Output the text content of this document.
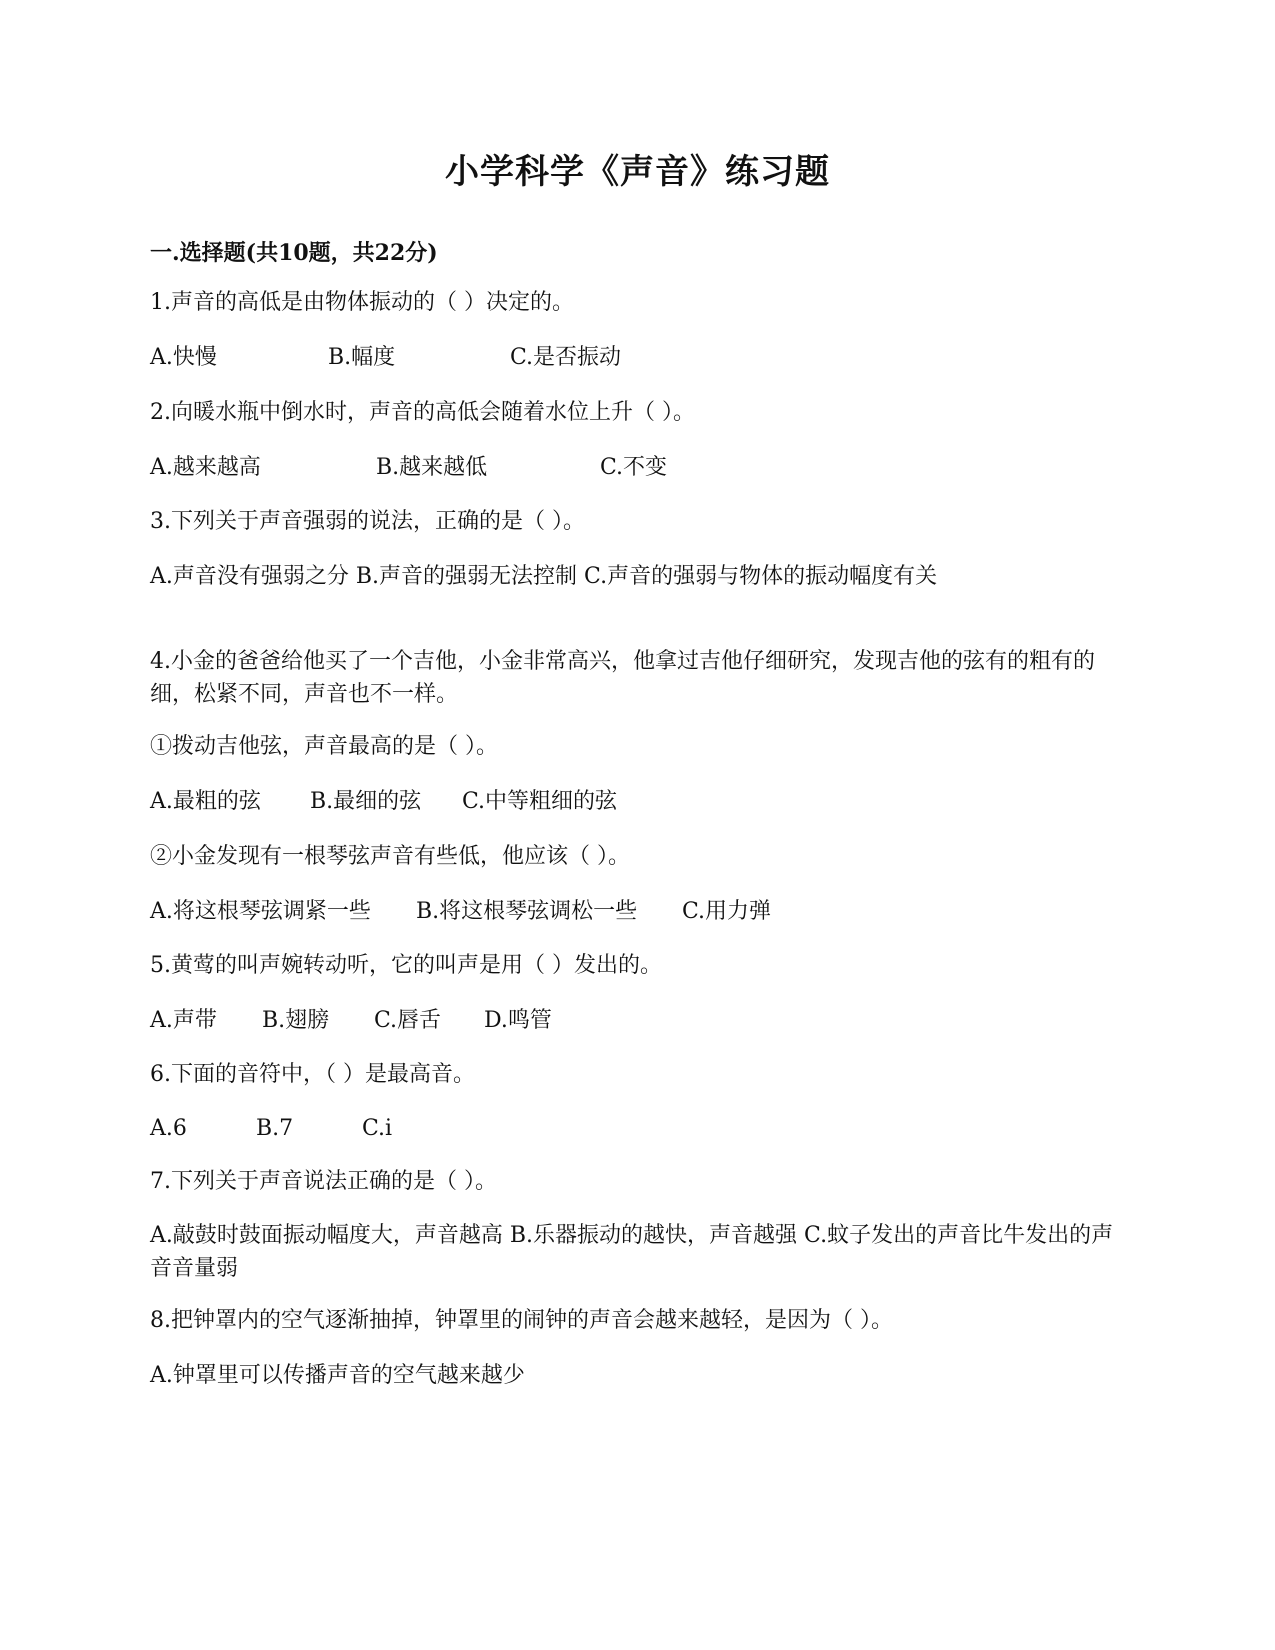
小学科学《声音》练习题
一.选择题(共10题，共22分)
1.声音的高低是由物体振动的（ ）决定的。
A.快慢	B.幅度	C.是否振动
2.向暖水瓶中倒水时，声音的高低会随着水位上升（ ）。
A.越来越高	B.越来越低	C.不变
3.下列关于声音强弱的说法，正确的是（ ）。
A.声音没有强弱之分 B.声音的强弱无法控制 C.声音的强弱与物体的振动幅度有关
4.小金的爸爸给他买了一个吉他，小金非常高兴，他拿过吉他仔细研究，发现吉他的弦有的粗有的细，松紧不同，声音也不一样。
①拨动吉他弦，声音最高的是（ ）。
A.最粗的弦 B.最细的弦 C.中等粗细的弦
②小金发现有一根琴弦声音有些低，他应该（ ）。
A.将这根琴弦调紧一些 B.将这根琴弦调松一些 C.用力弹
5.黄莺的叫声婉转动听，它的叫声是用（ ）发出的。
A.声带 B.翅膀 C.唇舌 D.鸣管
6.下面的音符中，（ ）是最高音。
A.6	B.7	C.i
7.下列关于声音说法正确的是（ ）。
A.敲鼓时鼓面振动幅度大，声音越高 B.乐器振动的越快，声音越强 C.蚊子发出的声音比牛发出的声音音量弱
8.把钟罩内的空气逐渐抽掉，钟罩里的闹钟的声音会越来越轻，是因为（ ）。
A.钟罩里可以传播声音的空气越来越少
